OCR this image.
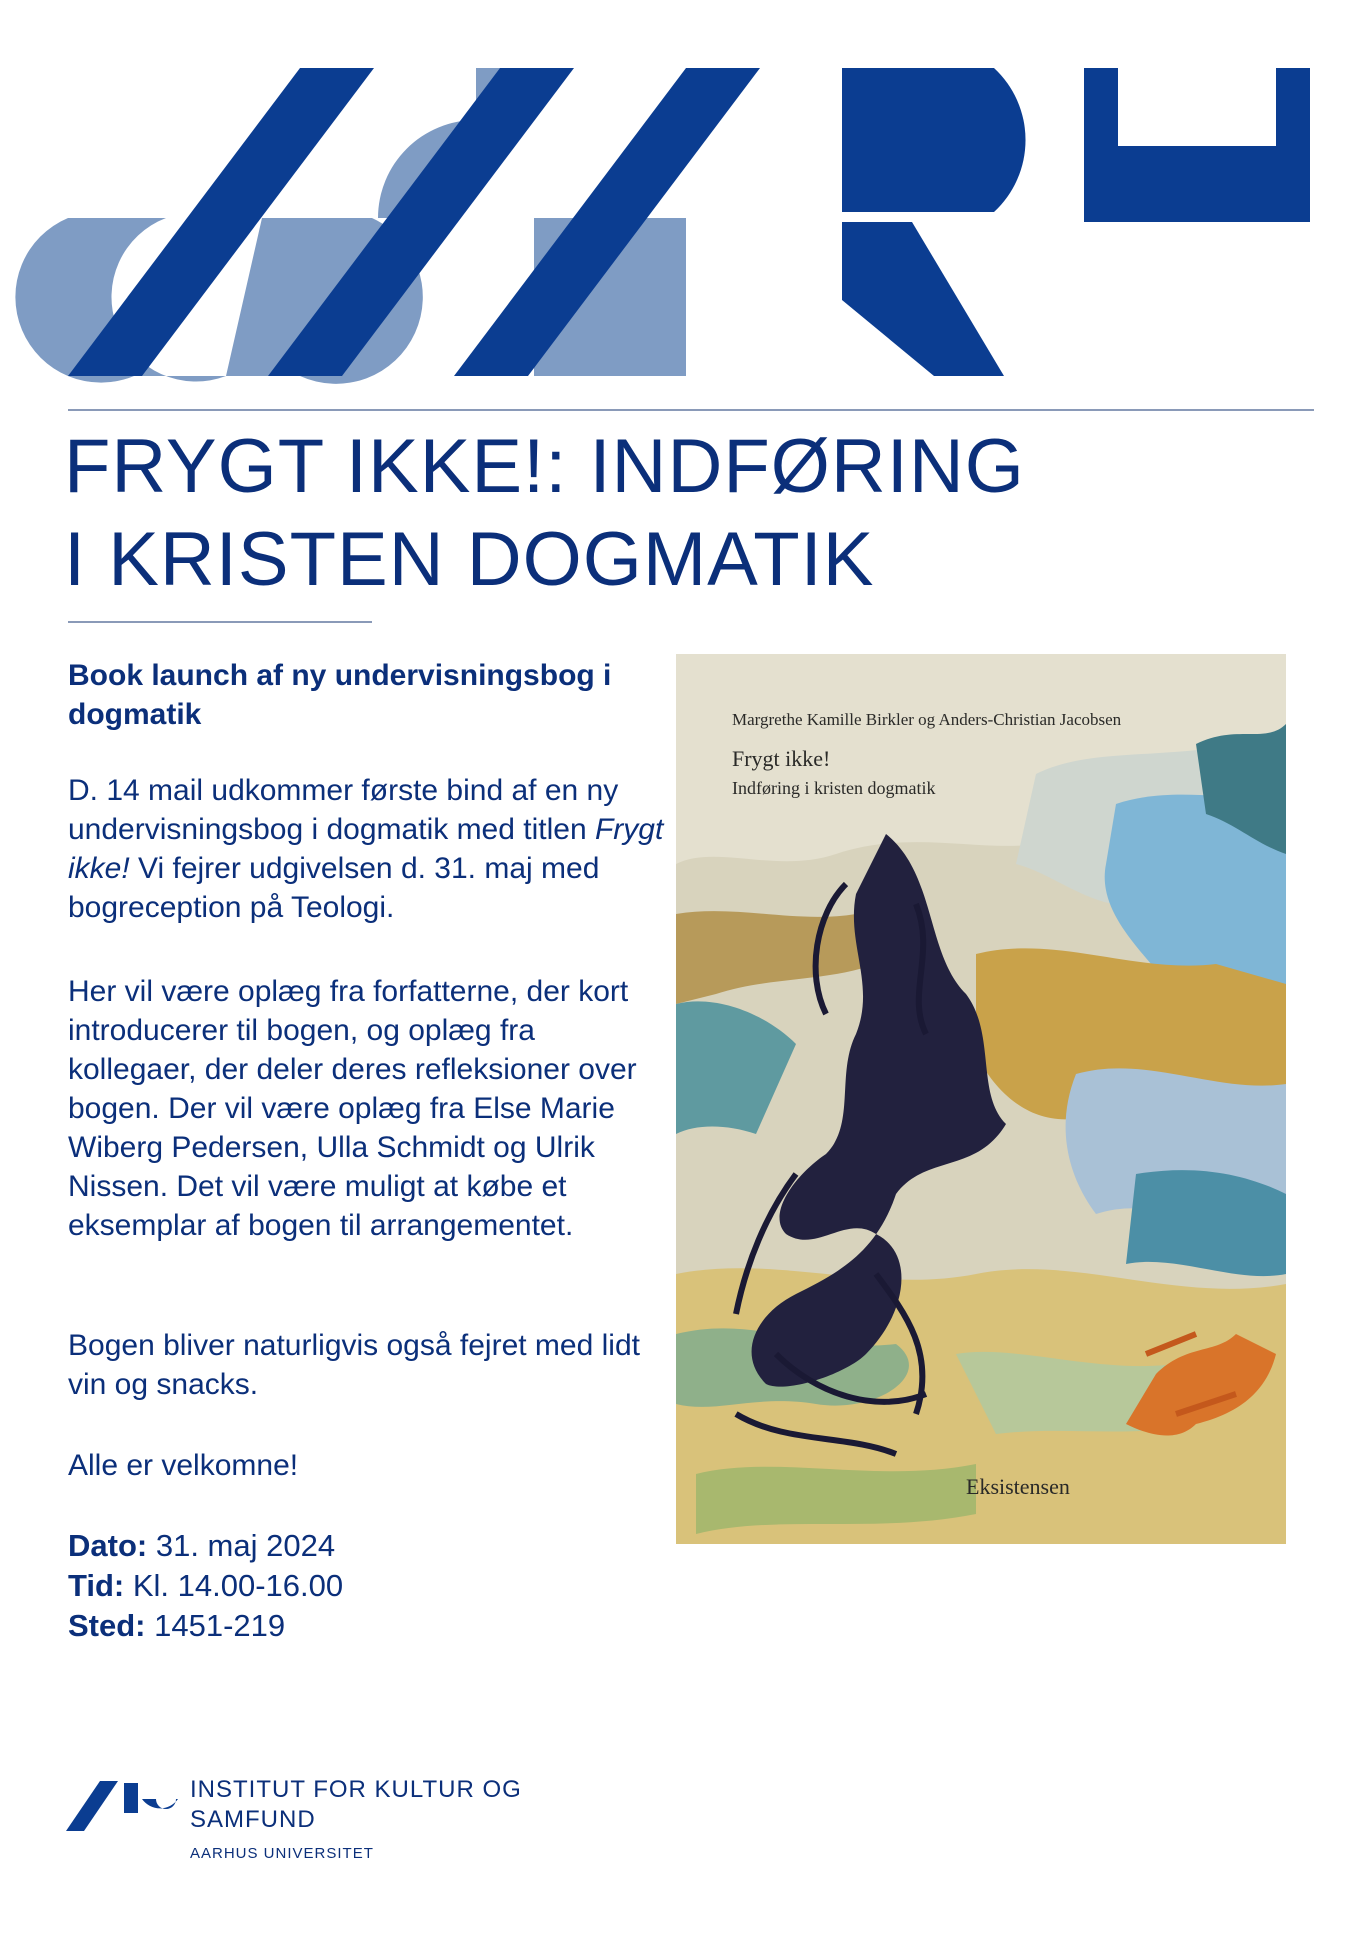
FRYGT IKKE!: INDFØRING
I KRISTEN DOGMATIK
Book launch af ny undervisningsbog i dogmatik
D. 14 mail udkommer første bind af en ny undervisningsbog i dogmatik med titlen Frygt ikke! Vi fejrer udgivelsen d. 31. maj med bogreception på Teologi.
Her vil være oplæg fra forfatterne, der kort introducerer til bogen, og oplæg fra kollegaer, der deler deres refleksioner over bogen. Der vil være oplæg fra Else Marie Wiberg Pedersen, Ulla Schmidt og Ulrik Nissen. Det vil være muligt at købe et eksemplar af bogen til arrangementet.
Bogen bliver naturligvis også fejret med lidt vin og snacks.
Alle er velkomne!
Dato: 31. maj 2024
Tid: Kl. 14.00-16.00
Sted: 1451-219
Margrethe Kamille Birkler og Anders-Christian Jacobsen
Frygt ikke!
Indføring i kristen dogmatik
Eksistensen
INSTITUT FOR KULTUR OG
SAMFUND
AARHUS UNIVERSITET
